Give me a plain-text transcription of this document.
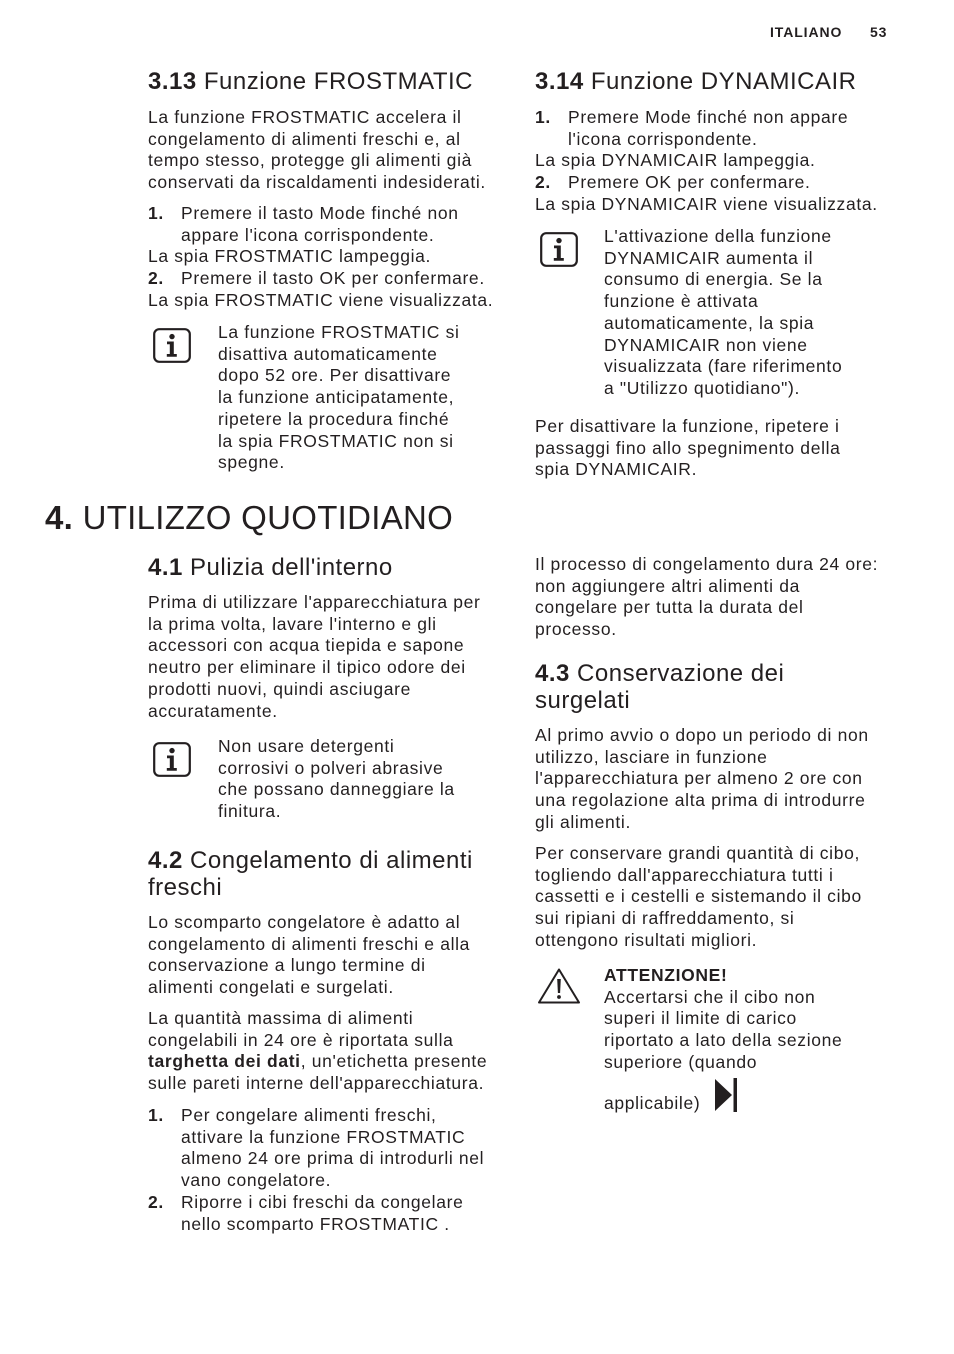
ITALIANO 53
3.13 Funzione FROSTMATIC
La funzione FROSTMATIC accelera il
congelamento di alimenti freschi e, al
tempo stesso, protegge gli alimenti già
conservati da riscaldamenti indesiderati.
1. Premere il tasto Mode finché non
appare l'icona corrispondente.
La spia FROSTMATIC lampeggia.
2. Premere il tasto OK per confermare.
La spia FROSTMATIC viene visualizzata.
La funzione FROSTMATIC si
disattiva automaticamente
dopo 52 ore. Per disattivare
la funzione anticipatamente,
ripetere la procedura finché
la spia FROSTMATIC non si
spegne.
3.14 Funzione DYNAMICAIR
1. Premere Mode finché non appare
l'icona corrispondente.
La spia DYNAMICAIR lampeggia.
2. Premere OK per confermare.
La spia DYNAMICAIR viene visualizzata.
L'attivazione della funzione
DYNAMICAIR aumenta il
consumo di energia. Se la
funzione è attivata
automaticamente, la spia
DYNAMICAIR non viene
visualizzata (fare riferimento
a "Utilizzo quotidiano").
Per disattivare la funzione, ripetere i
passaggi fino allo spegnimento della
spia DYNAMICAIR.
4. UTILIZZO QUOTIDIANO
4.1 Pulizia dell'interno
Prima di utilizzare l'apparecchiatura per
la prima volta, lavare l'interno e gli
accessori con acqua tiepida e sapone
neutro per eliminare il tipico odore dei
prodotti nuovi, quindi asciugare
accuratamente.
Non usare detergenti
corrosivi o polveri abrasive
che possano danneggiare la
finitura.
4.2 Congelamento di alimenti
freschi
Lo scomparto congelatore è adatto al
congelamento di alimenti freschi e alla
conservazione a lungo termine di
alimenti congelati e surgelati.
La quantità massima di alimenti
congelabili in 24 ore è riportata sulla
targhetta dei dati, un'etichetta presente
sulle pareti interne dell'apparecchiatura.
1. Per congelare alimenti freschi,
attivare la funzione FROSTMATIC
almeno 24 ore prima di introdurli nel
vano congelatore.
2. Riporre i cibi freschi da congelare
nello scomparto FROSTMATIC .
Il processo di congelamento dura 24 ore:
non aggiungere altri alimenti da
congelare per tutta la durata del
processo.
4.3 Conservazione dei
surgelati
Al primo avvio o dopo un periodo di non
utilizzo, lasciare in funzione
l'apparecchiatura per almeno 2 ore con
una regolazione alta prima di introdurre
gli alimenti.
Per conservare grandi quantità di cibo,
togliendo dall'apparecchiatura tutti i
cassetti e i cestelli e sistemando il cibo
sui ripiani di raffreddamento, si
ottengono risultati migliori.
ATTENZIONE!
Accertarsi che il cibo non
superi il limite di carico
riportato a lato della sezione
superiore (quando
applicabile)
